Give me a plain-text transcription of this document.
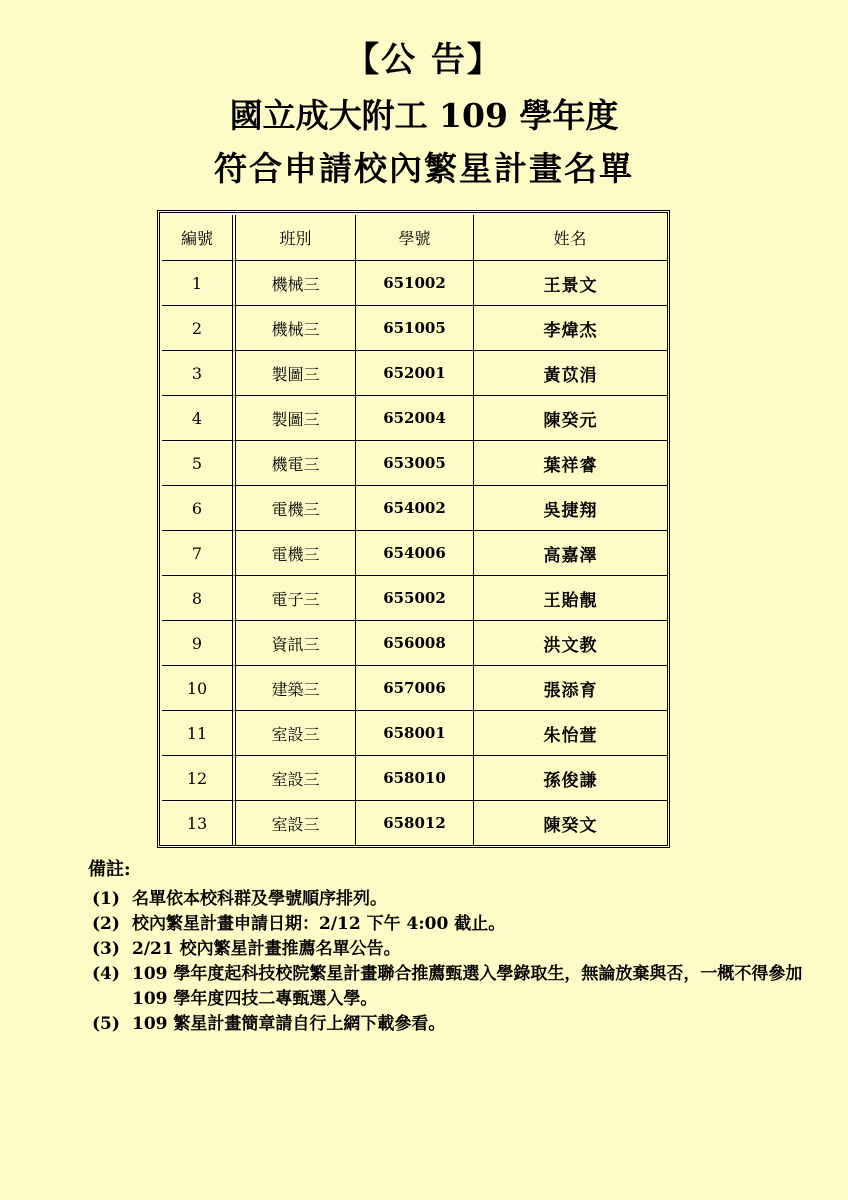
【公 告】
國立成大附工 109 學年度
符合申請校內繁星計畫名單
編號	班別	學號	姓名
1	機械三	651002	王景文
2	機械三	651005	李煒杰
3	製圖三	652001	黃苡涓
4	製圖三	652004	陳癸元
5	機電三	653005	葉祥睿
6	電機三	654002	吳捷翔
7	電機三	654006	高嘉澤
8	電子三	655002	王貽靚
9	資訊三	656008	洪文教
10	建築三	657006	張添育
11	室設三	658001	朱怡萱
12	室設三	658010	孫俊謙
13	室設三	658012	陳癸文
備註:
(1) 名單依本校科群及學號順序排列。
(2) 校內繁星計畫申請日期：2/12 下午 4:00 截止。
(3) 2/21 校內繁星計畫推薦名單公告。
(4) 109 學年度起科技校院繁星計畫聯合推薦甄選入學錄取生，無論放棄與否，一概不得參加 109 學年度四技二專甄選入學。
(5) 109 繁星計畫簡章請自行上網下載參看。
